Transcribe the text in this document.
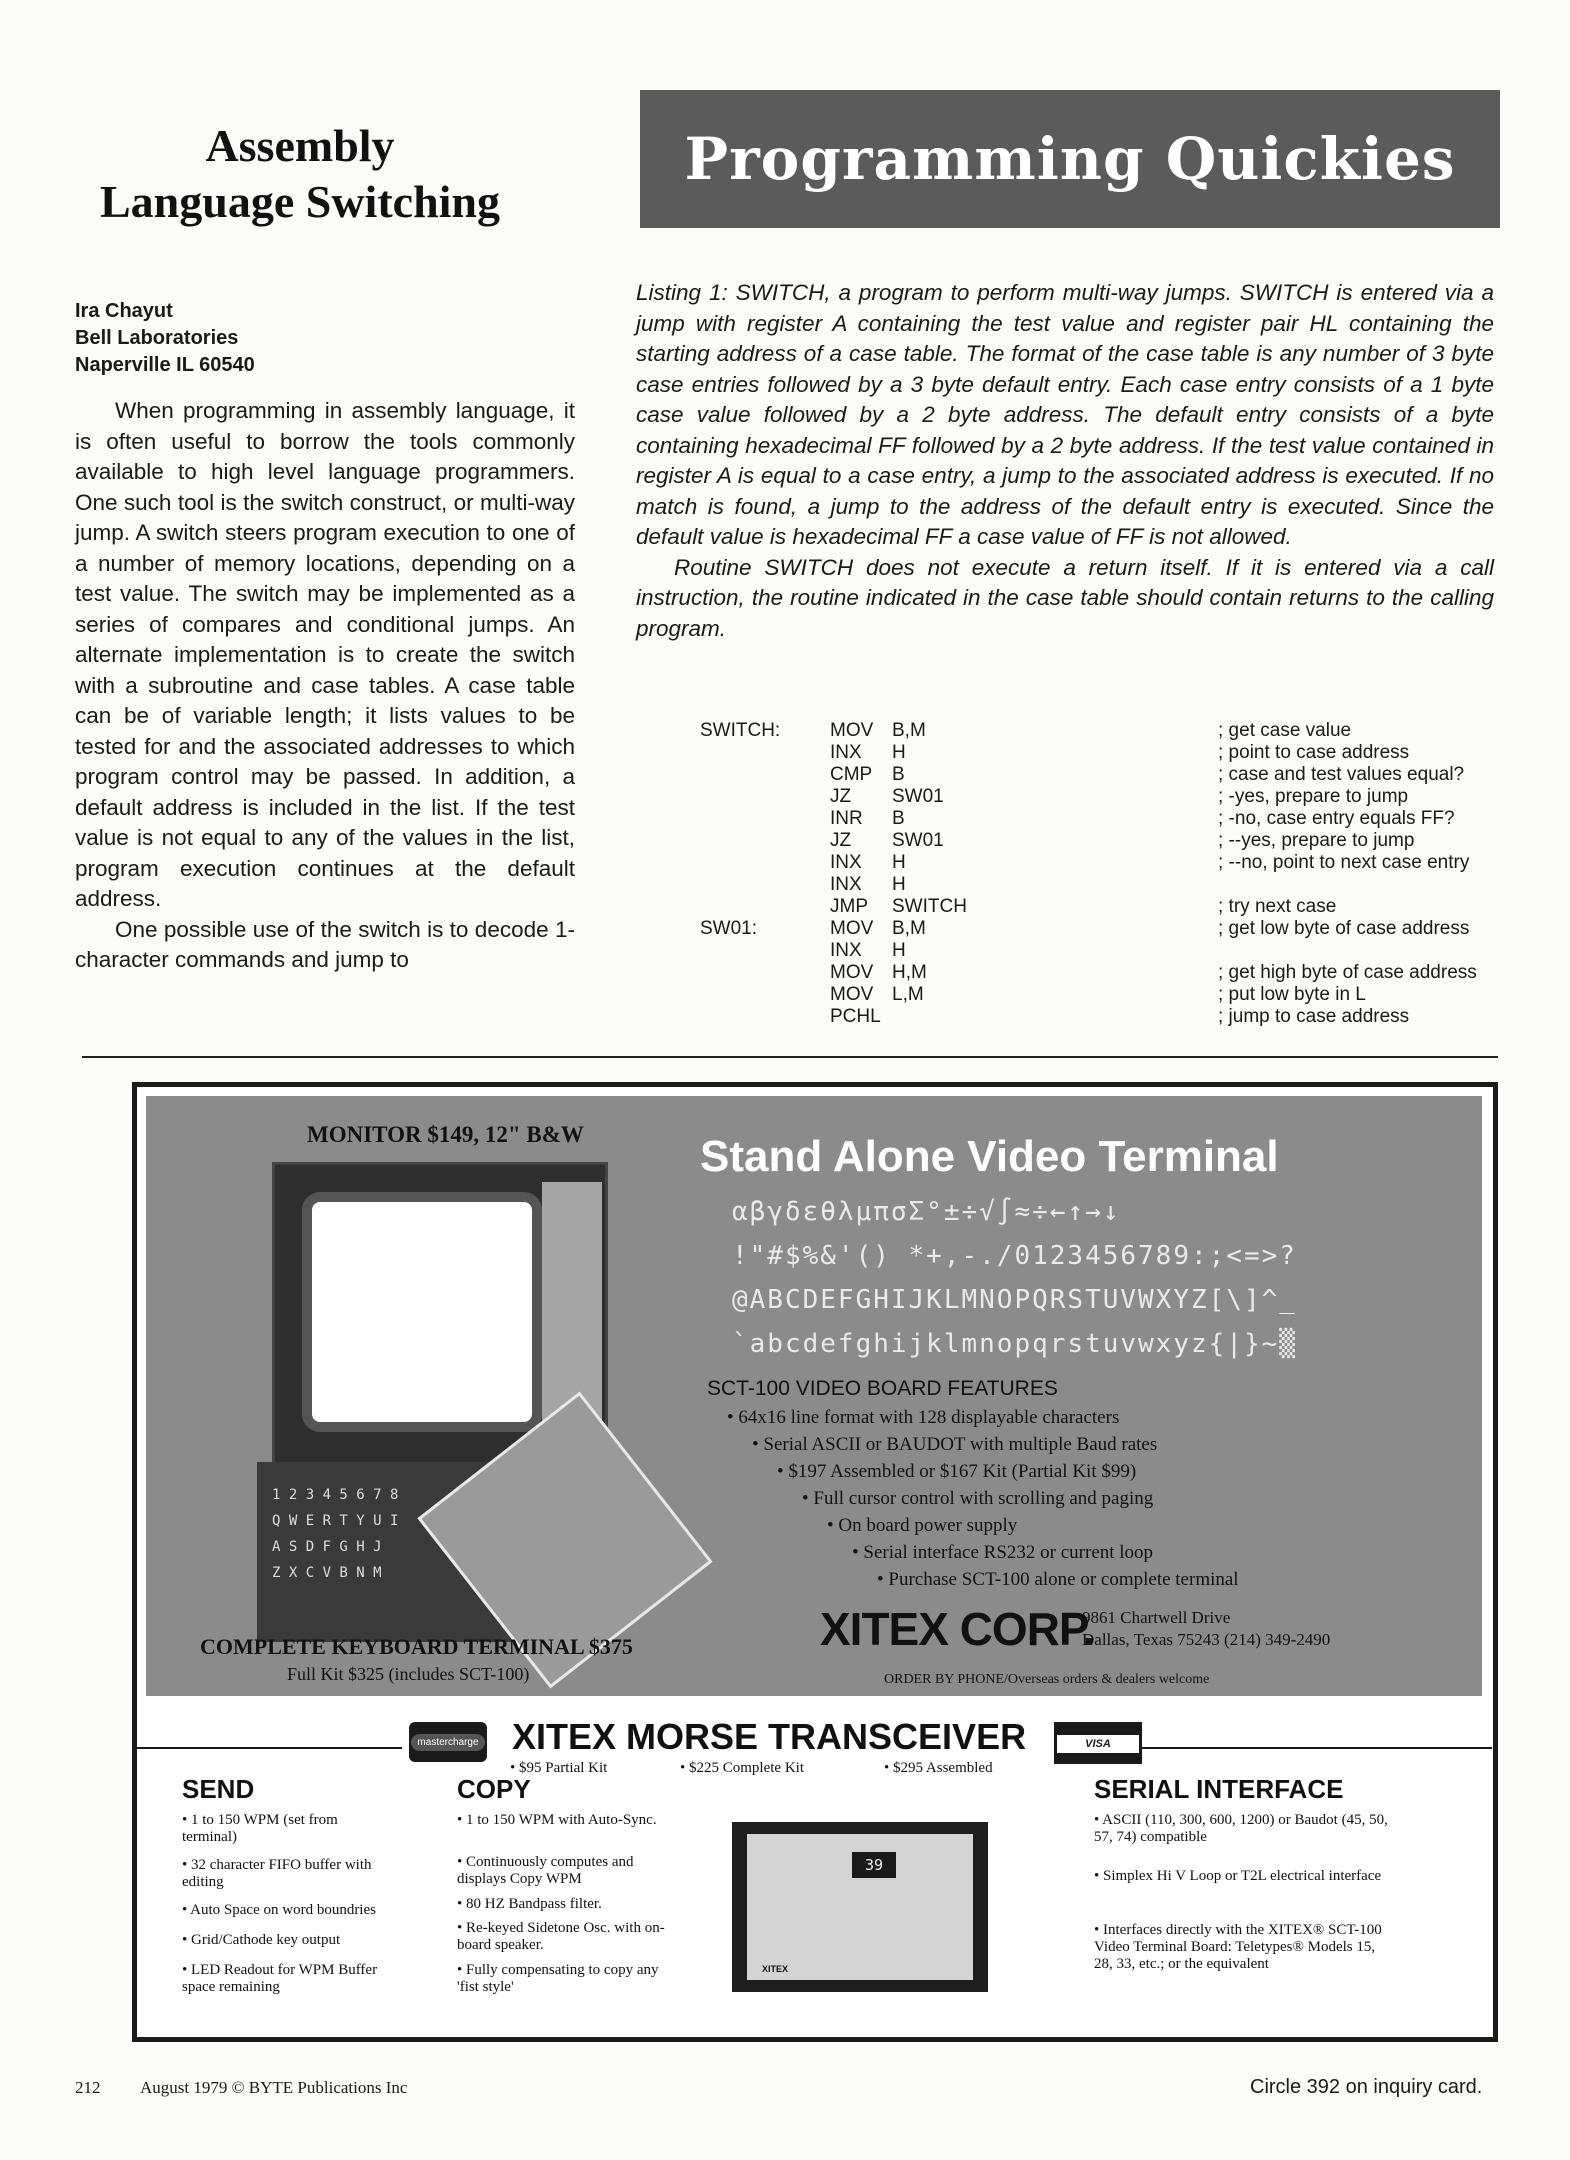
Assembly
Language Switching
Programming Quickies
Ira Chayut
Bell Laboratories
Naperville IL 60540

When programming in assembly language, it is often useful to borrow the tools commonly available to high level language programmers. One such tool is the switch construct, or multi-way jump. A switch steers program execution to one of a number of memory locations, depending on a test value. The switch may be implemented as a series of compares and conditional jumps. An alternate implementation is to create the switch with a subroutine and case tables. A case table can be of variable length; it lists values to be tested for and the associated addresses to which program control may be passed. In addition, a default address is included in the list. If the test value is not equal to any of the values in the list, program execution continues at the default address.

One possible use of the switch is to decode 1-character commands and jump to

Listing 1: SWITCH, a program to perform multi-way jumps. SWITCH is entered via a jump with register A containing the test value and register pair HL containing the starting address of a case table. The format of the case table is any number of 3 byte case entries followed by a 3 byte default entry. Each case entry consists of a 1 byte case value followed by a 2 byte address. The default entry consists of a byte containing hexadecimal FF followed by a 2 byte address. If the test value contained in register A is equal to a case entry, a jump to the associated address is executed. If no match is found, a jump to the address of the default entry is executed. Since the default value is hexadecimal FF a case value of FF is not allowed.

Routine SWITCH does not execute a return itself. If it is entered via a call instruction, the routine indicated in the case table should contain returns to the calling program.

SWITCH:	MOV B,M	; get case value
INX	H	; point to case address
CMP	B	; case and test values equal?
JZ	SW01	; -yes, prepare to jump
INR	B	; -no, case entry equals FF?
JZ	SW01	; --yes, prepare to jump
INX	H	; --no, point to next case entry
INX	H
JMP	SWITCH	; try next case
SW01:	MOV B,M	; get low byte of case address
INX	H
MOV H,M	; get high byte of case address
MOV L,M	; put low byte in L
PCHL	; jump to case address
MONITOR $149, 12" B&W
1 2 3 4 5 6 7 8
Q W E R T Y U I
A S D F G H J
Z X C V B N M
Stand Alone Video Terminal
αβγδεθλμπσΣ°±÷√∫≈÷←↑→↓
!"#$%&'() *+,-./0123456789:;<=>?
@ABCDEFGHIJKLMNOPQRSTUVWXYZ[\]^_
`abcdefghijklmnopqrstuvwxyz{|}~▒
SCT-100 VIDEO BOARD FEATURES
• 64x16 line format with 128 displayable characters
• Serial ASCII or BAUDOT with multiple Baud rates
• $197 Assembled or $167 Kit (Partial Kit $99)
• Full cursor control with scrolling and paging
• On board power supply
• Serial interface RS232 or current loop
• Purchase SCT-100 alone or complete terminal
XITEX CORP.
9861 Chartwell Drive
Dallas, Texas 75243 (214) 349-2490
COMPLETE KEYBOARD TERMINAL $375
Full Kit $325 (includes SCT-100)	ORDER BY PHONE/Overseas orders & dealers welcome
mastercharge XITEX MORSE TRANSCEIVER	VISA
• $95 Partial Kit	• $225 Complete Kit	• $295 Assembled
SEND
• 1 to 150 WPM (set from terminal)
• 32 character FIFO buffer with editing
• Auto Space on word boundries
• Grid/Cathode key output
• LED Readout for WPM Buffer space remaining
COPY
• 1 to 150 WPM with Auto-Sync.
• Continuously computes and displays Copy WPM
• 80 HZ Bandpass filter.
• Re-keyed Sidetone Osc. with on-board speaker.
• Fully compensating to copy any 'fist style'
39
XITEX
SERIAL INTERFACE
• ASCII (110, 300, 600, 1200) or Baudot (45, 50, 57, 74) compatible
• Simplex Hi V Loop or T2L electrical interface
• Interfaces directly with the XITEX® SCT-100 Video Terminal Board: Teletypes® Models 15, 28, 33, etc.; or the equivalent
212 August 1979 © BYTE Publications Inc	Circle 392 on inquiry card.
